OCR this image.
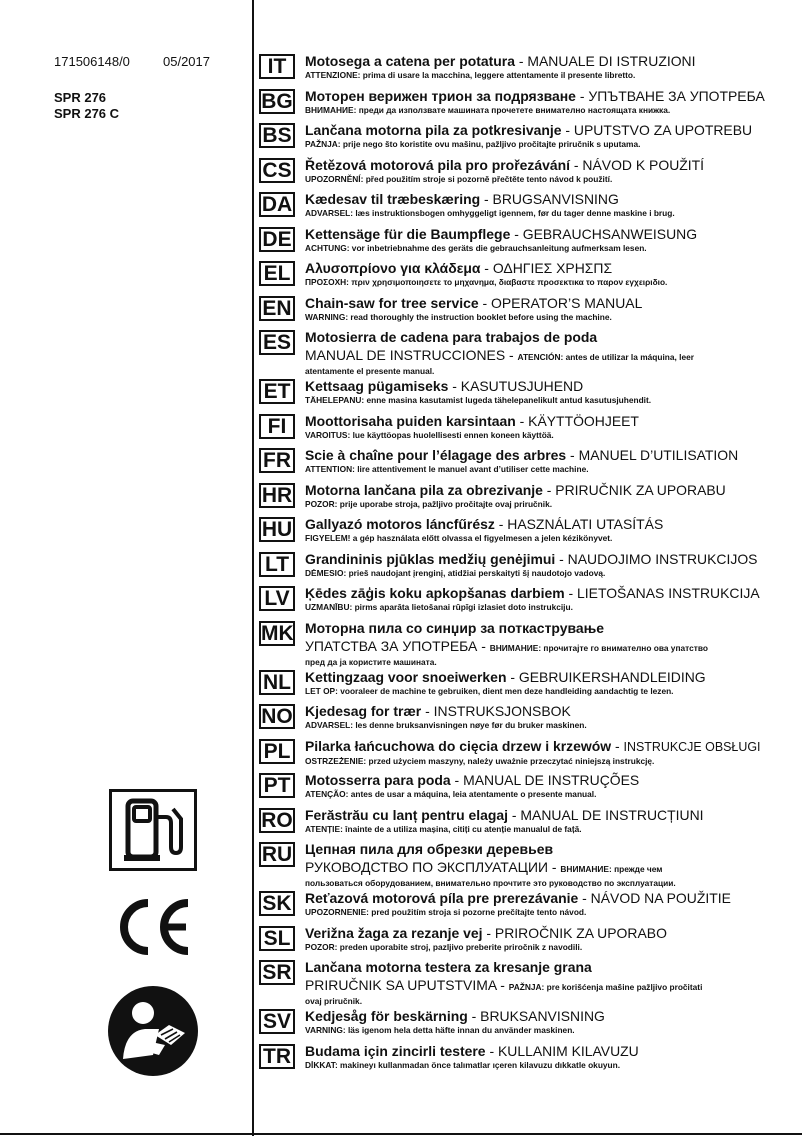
171506148/0	05/2017
SPR 276
SPR 276 C
IT	Motosega a catena per potatura - MANUALE DI ISTRUZIONI
ATTENZIONE: prima di usare la macchina, leggere attentamente il presente libretto.
BG Моторен верижен трион за подрязване - УПЪТВАНЕ ЗА УПОТРЕБА
ВНИМАНИЕ: преди да използвате машината прочетете внимателно настоящата книжка.
BS Lančana motorna pila za potkresivanje - UPUTSTVO ZA UPOTREBU
PAŽNJA: prije nego što koristite ovu mašinu, pažljivo pročitajte priručnik s uputama.
CS Řetězová motorová pila pro prořezávání - NÁVOD K POUŽITÍ
UPOZORNĚNÍ: před použitím stroje si pozorně přečtěte tento návod k použití.
DA Kædesav til træbeskæring - BRUGSANVISNING
ADVARSEL: læs instruktionsbogen omhyggeligt igennem, før du tager denne maskine i brug.
DE Kettensäge für die Baumpflege - GEBRAUCHSANWEISUNG
ACHTUNG: vor inbetriebnahme des geräts die gebrauchsanleitung aufmerksam lesen.
EL	Αλυσοπρίονο για κλάδεμα - ΟΔΗΓΙΕΣ ΧΡΗΣΠΣ
ΠΡΟΣΟΧΗ: πριν χρησιμοποιησετε το μηχανημα, διαβαστε προσεκτικα το παρον εγχειριδιο.
EN Chain-saw for tree service - OPERATOR’S MANUAL
WARNING: read thoroughly the instruction booklet before using the machine.
ES Motosierra de cadena para trabajos de poda
MANUAL DE INSTRUCCIONES - ATENCIÓN: antes de utilizar la máquina, leer
atentamente el presente manual.
ET	Kettsaag pügamiseks - KASUTUSJUHEND
TÄHELEPANU: enne masina kasutamist lugeda tähelepanelikult antud kasutusjuhendit.
FI	Moottorisaha puiden karsintaan - KÄYTTÖOHJEET
VAROITUS: lue käyttöopas huolellisesti ennen koneen käyttöä.
FR Scie à chaîne pour l’élagage des arbres - MANUEL D’UTILISATION
ATTENTION: lire attentivement le manuel avant d’utiliser cette machine.
HR Motorna lančana pila za obrezivanje - PRIRUČNIK ZA UPORABU
POZOR: prije uporabe stroja, pažljivo pročitajte ovaj priručnik.
HU Gallyazó motoros láncfűrész - HASZNÁLATI UTASÍTÁS
FIGYELEM! a gép használata előtt olvassa el figyelmesen a jelen kézikönyvet.
LT	Grandininis pjūklas medžių genėjimui - NAUDOJIMO INSTRUKCIJOS
DĖMESIO: prieš naudojant įrenginį, atidžiai perskaityti šį naudotojo vadovą.
LV	Ķēdes zāģis koku apkopšanas darbiem - LIETOŠANAS INSTRUKCIJA
UZMANĪBU: pirms aparāta lietošanai rūpīgi izlasiet doto instrukciju.
MK Моторна пила со синџир за поткастрување
УПАТСТВА ЗА УПОТРЕБА - ВНИМАНИЕ: прочитајте го внимателно ова упатство
пред да ја користите машината.
NL Kettingzaag voor snoeiwerken - GEBRUIKERSHANDLEIDING
LET OP: vooraleer de machine te gebruiken, dient men deze handleiding aandachtig te lezen.
NO Kjedesag for trær - INSTRUKSJONSBOK
ADVARSEL: les denne bruksanvisningen nøye før du bruker maskinen.
PL	Pilarka łańcuchowa do cięcia drzew i krzewów - INSTRUKCJE OBSŁUGI
OSTRZEŻENIE: przed użyciem maszyny, należy uważnie przeczytać niniejszą instrukcję.
PT	Motosserra para poda - MANUAL DE INSTRUÇÕES
ATENÇÃO: antes de usar a máquina, leia atentamente o presente manual.
RO Ferăstrău cu lanț pentru elagaj - MANUAL DE INSTRUCȚIUNI
ATENȚIE: înainte de a utiliza mașina, citiți cu atenție manualul de față.
RU Цепная пила для обрезки деревьев
РУКОВОДСТВО ПО ЭКСПЛУАТАЦИИ - ВНИМАНИЕ: прежде чем
пользоваться оборудованием, внимательно прочтите это руководство по эксплуатации.
SK Reťazová motorová píla pre prerezávanie - NÁVOD NA POUŽITIE
UPOZORNENIE: pred použitím stroja si pozorne prečítajte tento návod.
SL	Verižna žaga za rezanje vej - PRIROČNIK ZA UPORABO
POZOR: preden uporabite stroj, pazljivo preberite priročnik z navodili.
SR Lančana motorna testera za kresanje grana
PRIRUČNIK SA UPUTSTVIMA - PAŽNJA: pre korišćenja mašine pažljivo pročitati
ovaj priručnik.
SV Kedjesåg för beskärning - BRUKSANVISNING
VARNING: läs igenom hela detta häfte innan du använder maskinen.
TR Budama için zincirli testere - KULLANIM KILAVUZU
DİKKAT: makineyı kullanmadan önce talımatlar ıçeren kilavuzu dıkkatle okuyun.
